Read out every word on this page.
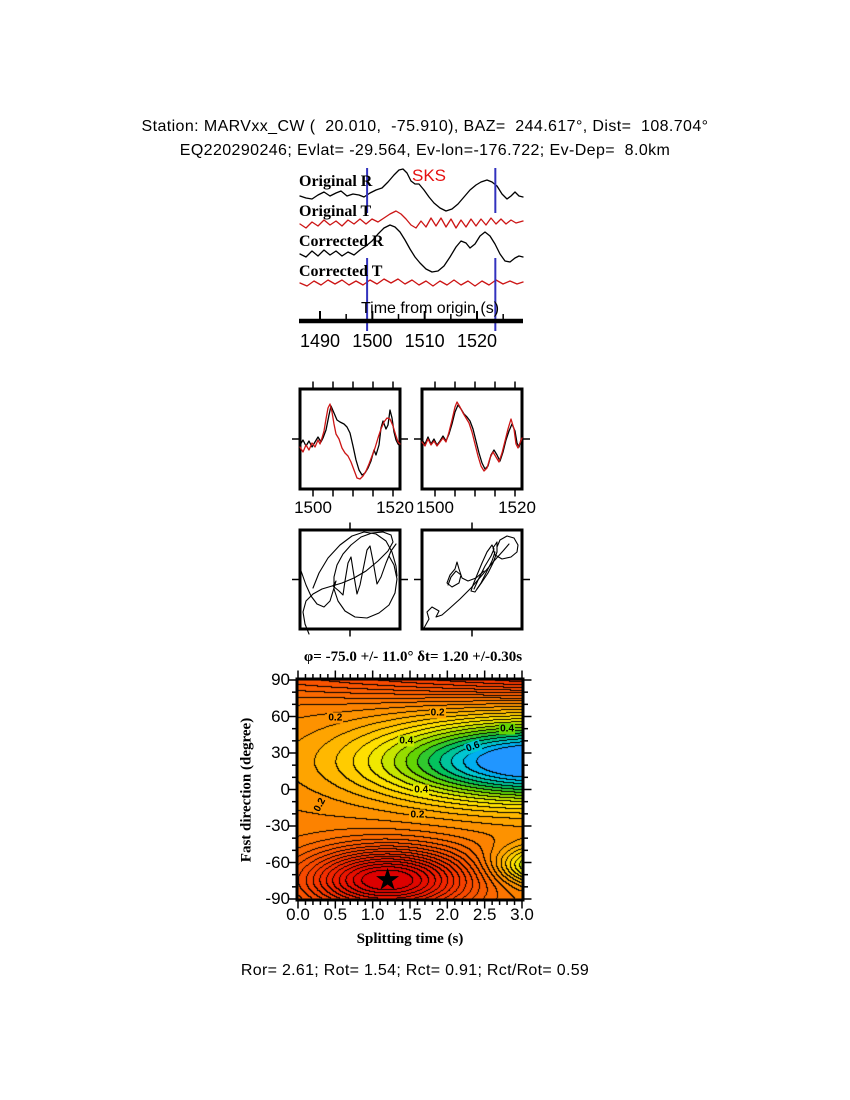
Station: MARVxx_CW (  20.010,  -75.910), BAZ=  244.617°, Dist=  108.704°
EQ220290246; Evlat= -29.564, Ev-lon=-176.722; Ev-Dep=  8.0km
Original R
Original T
Corrected R
Corrected T
SKS
Time from origin (s)
φ= -75.0 +/- 11.0° δt= 1.20 +/-0.30s
Fast direction (degree)
Splitting time (s)
0.2	0.2
0.4
0.4	0.6
0.4
0.2
0.2
★
Ror= 2.61; Rot= 1.54; Rct= 0.91; Rct/Rot= 0.59
1490 1500 1510 1520
1500	1520 1500	1520
0.0 0.5 1.0 1.5 2.0 2.5 3.0
90
60
30
0
-30
-60
-90
